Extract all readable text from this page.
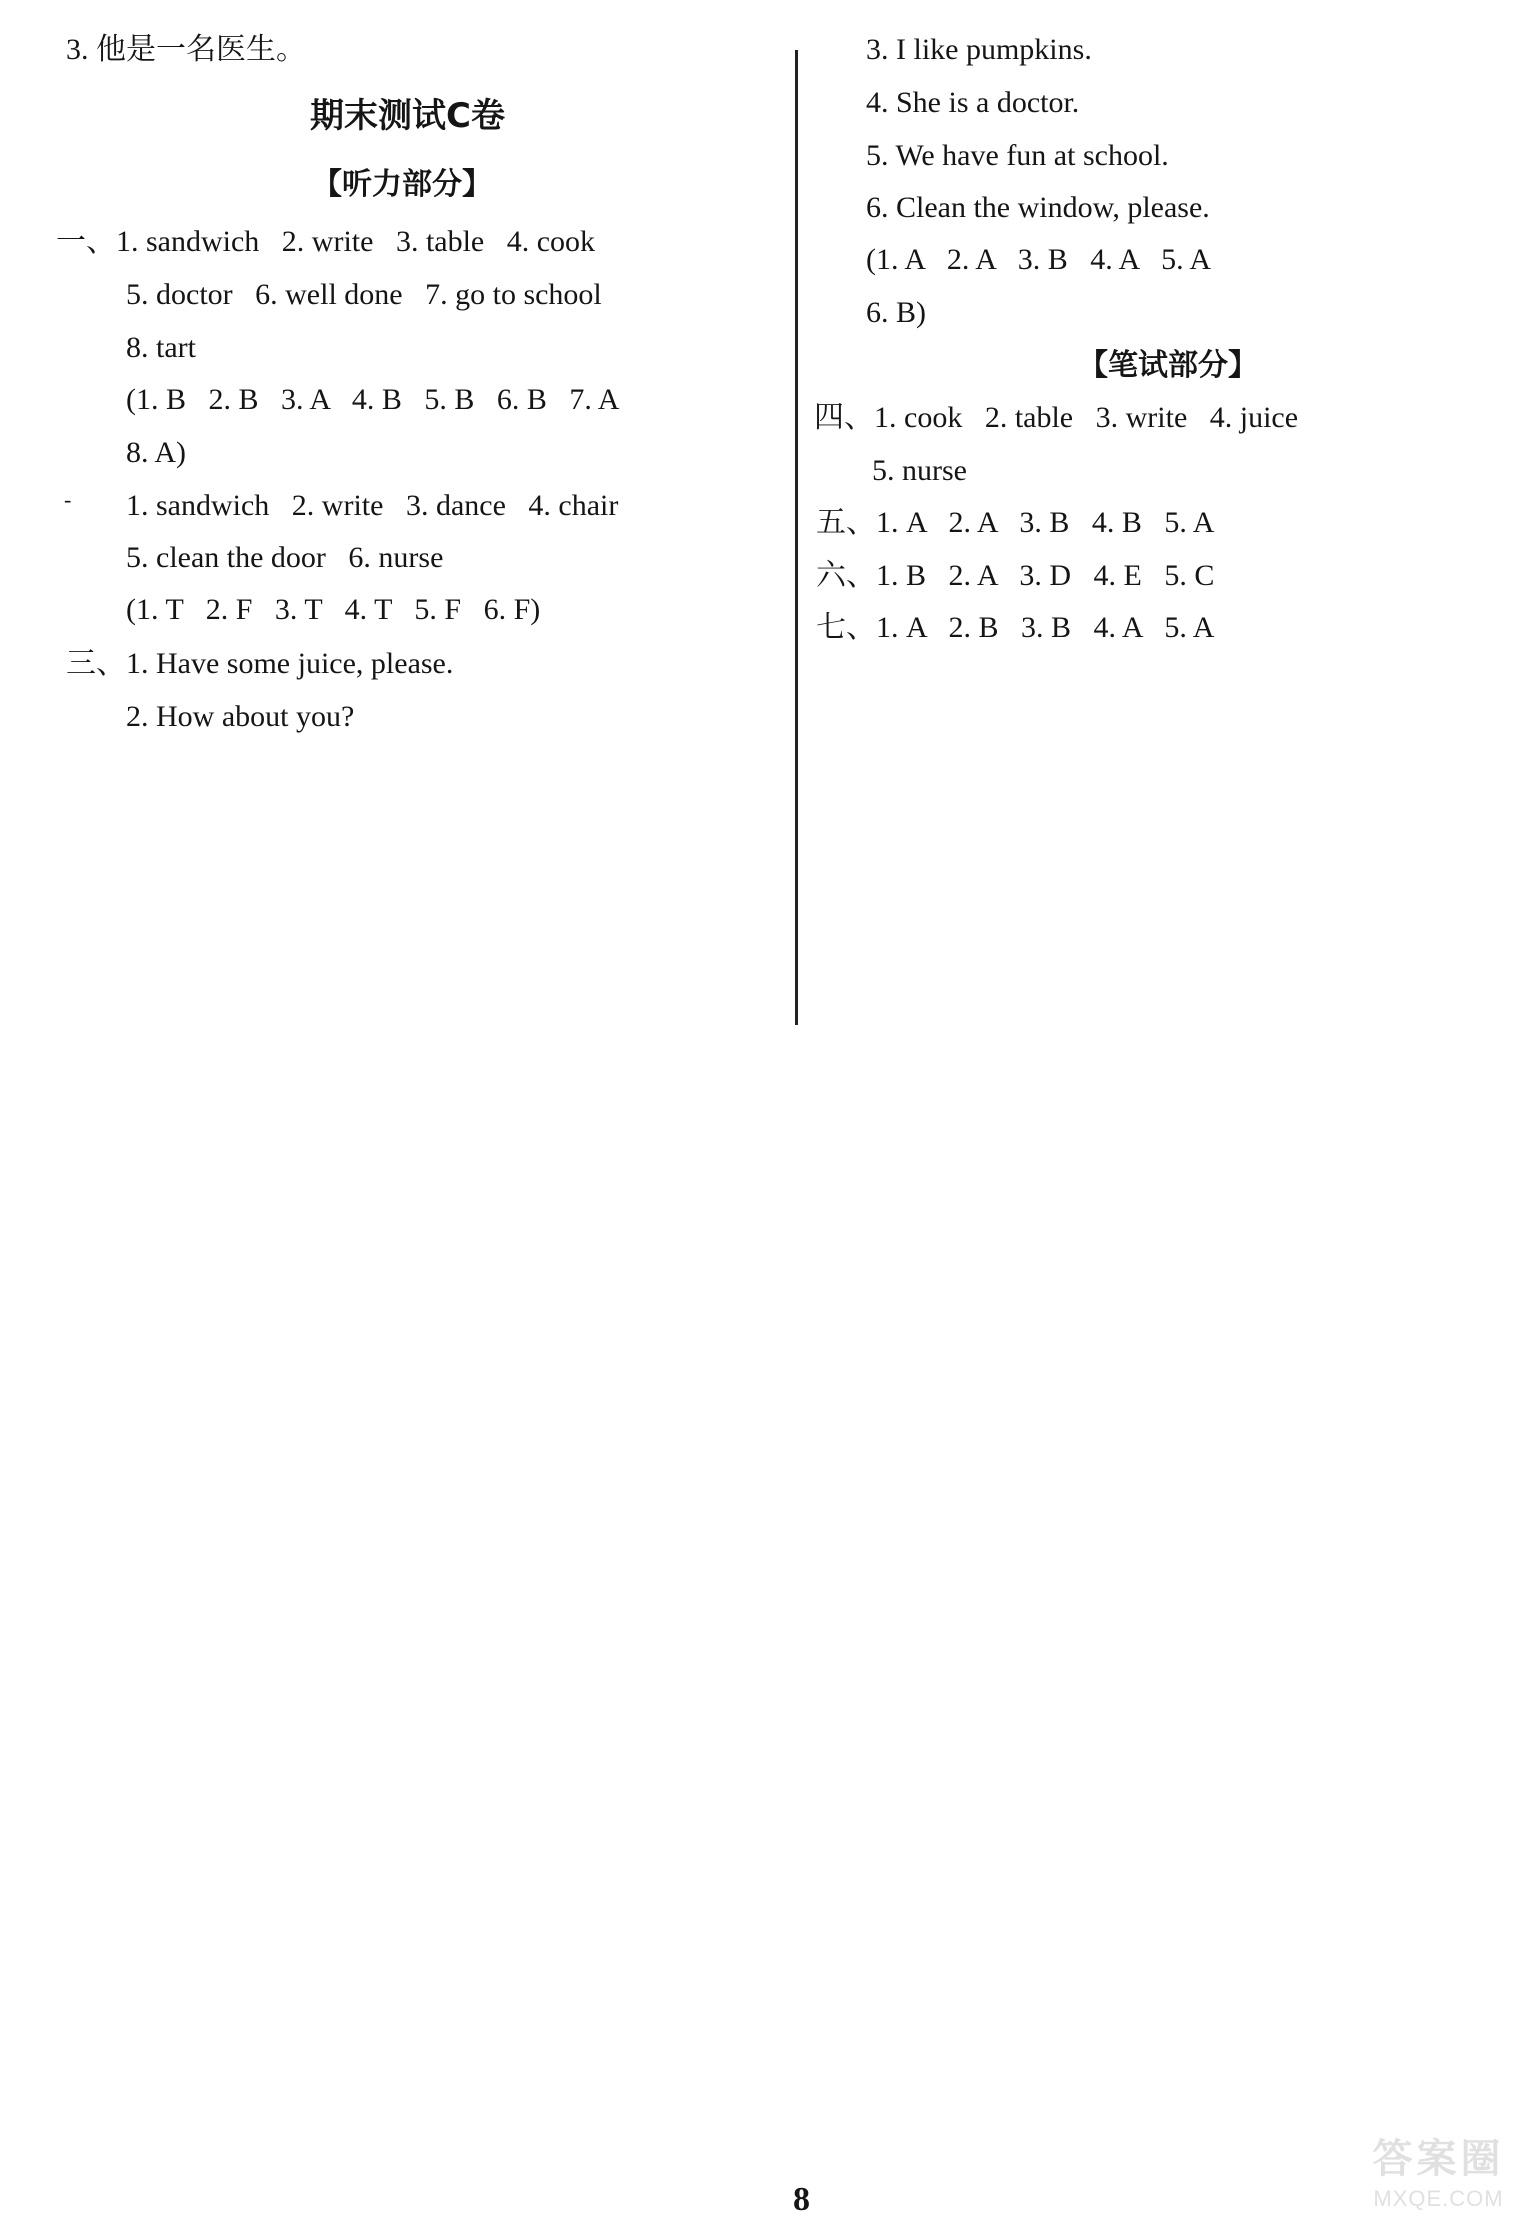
3. 他是一名医生。
期末测试C卷
【听力部分】
一、1. sandwich   2. write   3. table   4. cook
5. doctor   6. well done   7. go to school
8. tart
(1. B   2. B   3. A   4. B   5. B   6. B   7. A
8. A)
- 1. sandwich   2. write   3. dance   4. chair
5. clean the door   6. nurse
(1. T   2. F   3. T   4. T   5. F   6. F)
三、1. Have some juice, please.
2. How about you?
3. I like pumpkins.
4. She is a doctor.
5. We have fun at school.
6. Clean the window, please.
(1. A   2. A   3. B   4. A   5. A
6. B)
【笔试部分】
四、1. cook   2. table   3. write   4. juice
5. nurse
五、1. A   2. A   3. B   4. B   5. A
六、1. B   2. A   3. D   4. E   5. C
七、1. A   2. B   3. B   4. A   5. A
8
答案圈
MXQE.COM
